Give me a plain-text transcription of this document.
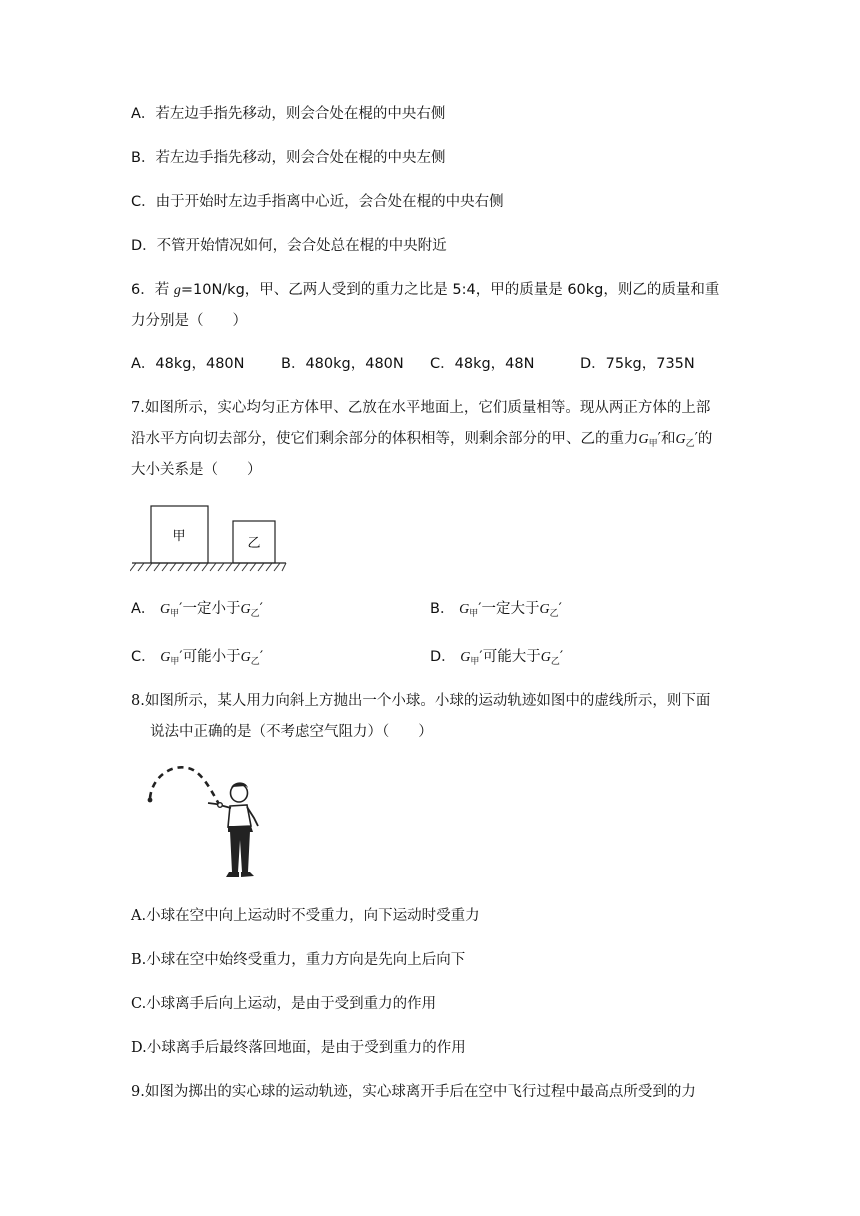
A．若左边手指先移动，则会合处在棍的中央右侧
B．若左边手指先移动，则会合处在棍的中央左侧
C．由于开始时左边手指离中心近，会合处在棍的中央右侧
D．不管开始情况如何，会合处总在棍的中央附近
6．若 g=10N/kg，甲、乙两人受到的重力之比是 5:4，甲的质量是 60kg，则乙的质量和重
力分别是（　　）
A．48kg，480N	B．480kg，480N C．48kg，48N	D．75kg，735N
7.如图所示，实心均匀正方体甲、乙放在水平地面上，它们质量相等。现从两正方体的上部
沿水平方向切去部分，使它们剩余部分的体积相等，则剩余部分的甲、乙的重力$G_甲'$和$G_乙'$的
大小关系是（　　）
甲	乙
A． $G_甲'$一定小于$G_乙'$	B． $G_甲'$一定大于$G_乙'$
C． $G_甲'$可能小于$G_乙'$	D． $G_甲'$可能大于$G_乙'$
8.如图所示，某人用力向斜上方抛出一个小球。小球的运动轨迹如图中的虚线所示，则下面
说法中正确的是（不考虑空气阻力）（　　）
A.小球在空中向上运动时不受重力，向下运动时受重力
B.小球在空中始终受重力，重力方向是先向上后向下
C.小球离手后向上运动，是由于受到重力的作用
D.小球离手后最终落回地面，是由于受到重力的作用
9.如图为掷出的实心球的运动轨迹，实心球离开手后在空中飞行过程中最高点所受到的力
